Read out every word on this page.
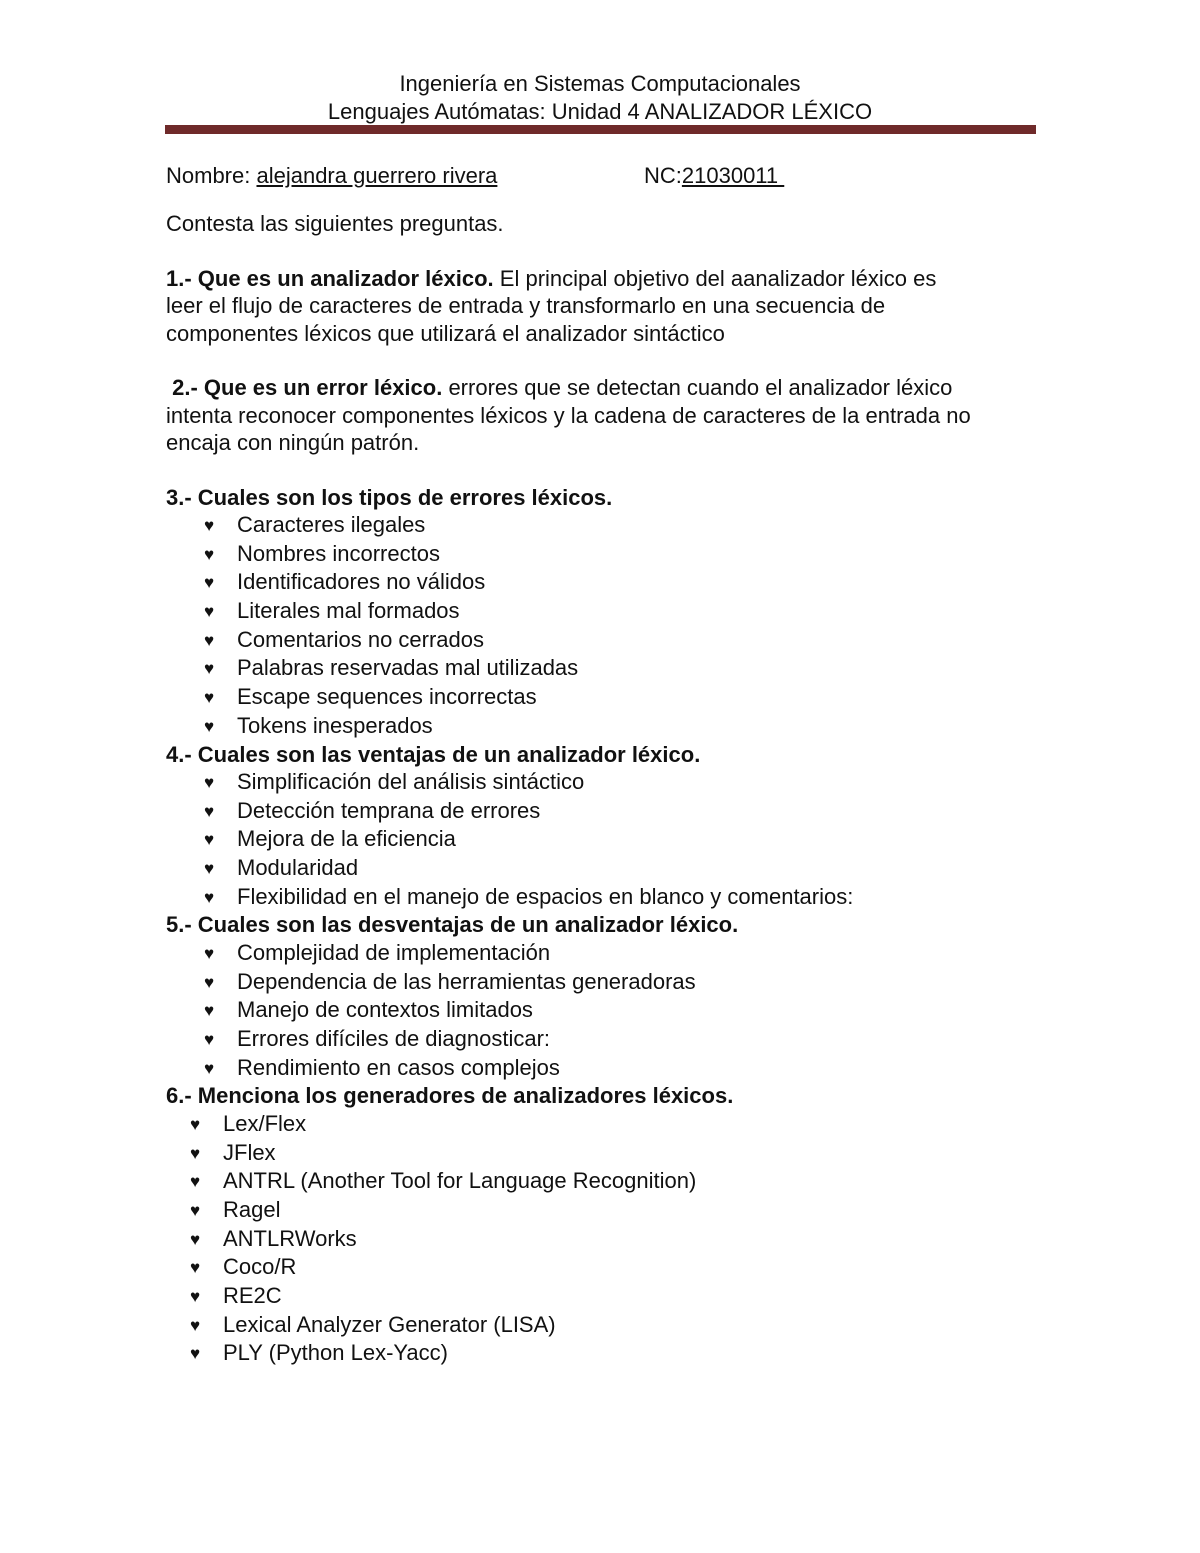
Ingeniería en Sistemas Computacionales
Lenguajes Autómatas: Unidad 4 ANALIZADOR LÉXICO
Nombre: alejandra guerrero rivera	NC:21030011

Contesta las siguientes preguntas.

1.- Que es un analizador léxico. El principal objetivo del aanalizador léxico es
leer el flujo de caracteres de entrada y transformarlo en una secuencia de
componentes léxicos que utilizará el analizador sintáctico
2.- Que es un error léxico. errores que se detectan cuando el analizador léxico
intenta reconocer componentes léxicos y la cadena de caracteres de la entrada no
encaja con ningún patrón.
3.- Cuales son los tipos de errores léxicos.
♥ Caracteres ilegales
♥ Nombres incorrectos
♥ Identificadores no válidos
♥ Literales mal formados
♥ Comentarios no cerrados
♥ Palabras reservadas mal utilizadas
♥ Escape sequences incorrectas
♥ Tokens inesperados
4.- Cuales son las ventajas de un analizador léxico.
♥ Simplificación del análisis sintáctico
♥ Detección temprana de errores
♥ Mejora de la eficiencia
♥ Modularidad
♥ Flexibilidad en el manejo de espacios en blanco y comentarios:
5.- Cuales son las desventajas de un analizador léxico.
♥ Complejidad de implementación
♥ Dependencia de las herramientas generadoras
♥ Manejo de contextos limitados
♥ Errores difíciles de diagnosticar:
♥ Rendimiento en casos complejos
6.- Menciona los generadores de analizadores léxicos.
♥ Lex/Flex
♥ JFlex
♥ ANTRL (Another Tool for Language Recognition)
♥ Ragel
♥ ANTLRWorks
♥ Coco/R
♥ RE2C
♥ Lexical Analyzer Generator (LISA)
♥ PLY (Python Lex-Yacc)
